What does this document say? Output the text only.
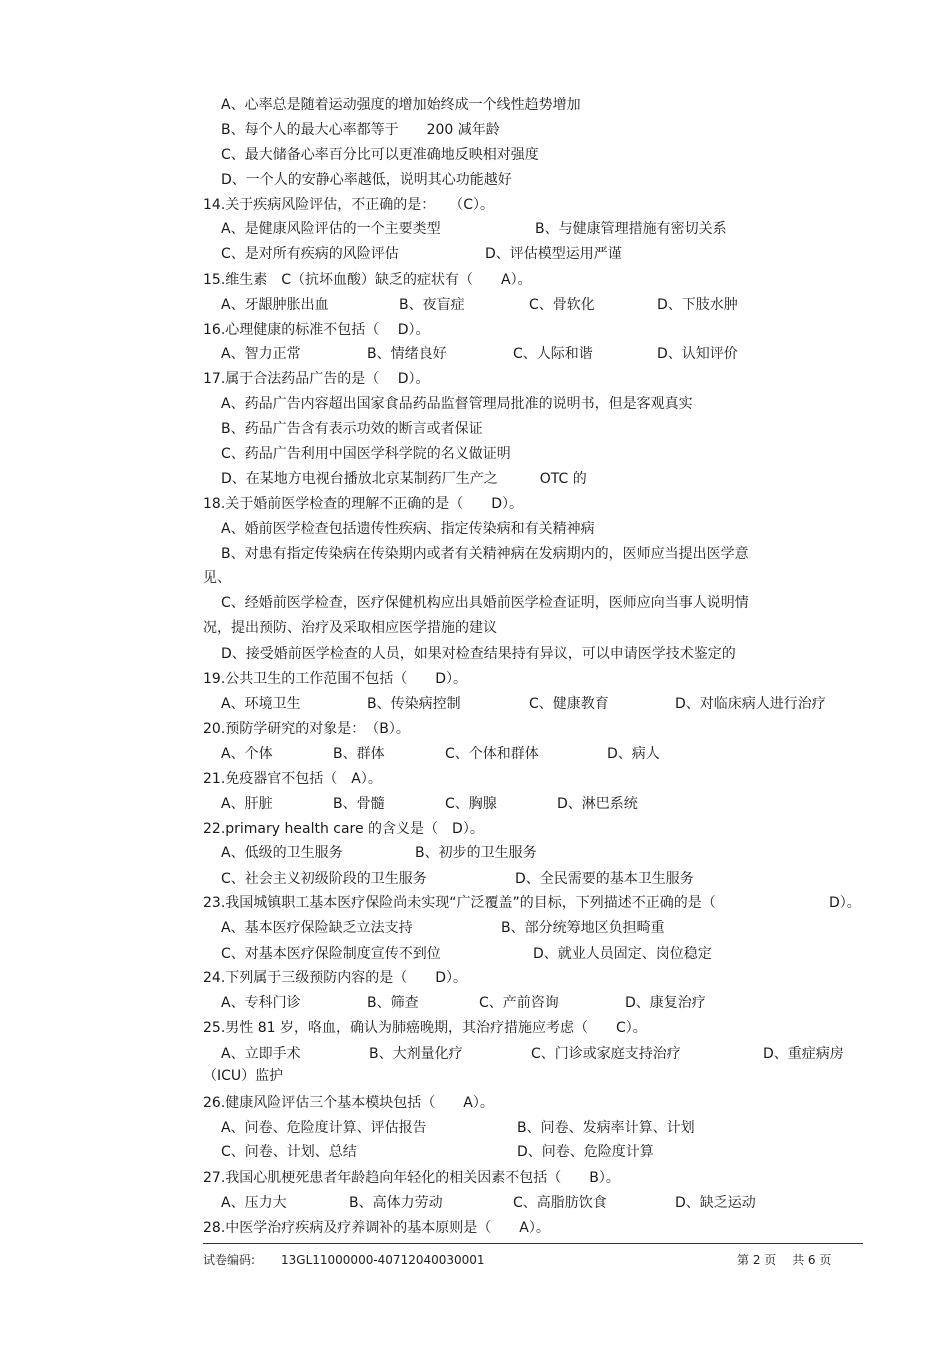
A、心率总是随着运动强度的增加始终成一个线性趋势增加
B、每个人的最大心率都等于　　200 减年龄
C、最大储备心率百分比可以更准确地反映相对强度
D、一个人的安静心率越低，说明其心功能越好
14.关于疾病风险评估，不正确的是：　　（C）。
A、是健康风险评估的一个主要类型	B、与健康管理措施有密切关系
C、是对所有疾病的风险评估	D、评估模型运用严谨
15.维生素　C（抗坏血酸）缺乏的症状有（　　A）。
A、牙龈肿胀出血	B、夜盲症	C、骨软化	D、下肢水肿
16.心理健康的标准不包括（　 D）。
A、智力正常	B、情绪良好	C、人际和谐	D、认知评价
17.属于合法药品广告的是（　 D）。
A、药品广告内容超出国家食品药品监督管理局批准的说明书，但是客观真实
B、药品广告含有表示功效的断言或者保证
C、药品广告利用中国医学科学院的名义做证明
D、在某地方电视台播放北京某制药厂生产之　　　OTC 的
18.关于婚前医学检查的理解不正确的是（　　D）。
A、婚前医学检查包括遗传性疾病、指定传染病和有关精神病
B、对患有指定传染病在传染期内或者有关精神病在发病期内的，医师应当提出医学意
见、
C、经婚前医学检查，医疗保健机构应出具婚前医学检查证明，医师应向当事人说明情
况，提出预防、治疗及采取相应医学措施的建议
D、接受婚前医学检查的人员，如果对检查结果持有异议，可以申请医学技术鉴定的
19.公共卫生的工作范围不包括（　　D）。
A、环境卫生	B、传染病控制	C、健康教育	D、对临床病人进行治疗
20.预防学研究的对象是：　（B）。
A、个体	B、群体	C、个体和群体	D、病人
21.免疫器官不包括（　A）。
A、肝脏	B、骨髓	C、胸腺	D、淋巴系统
22.primary health care 的含义是（　D）。
A、低级的卫生服务	B、初步的卫生服务
C、社会主义初级阶段的卫生服务	D、全民需要的基本卫生服务
23.我国城镇职工基本医疗保险尚未实现“广泛覆盖”的目标，下列描述不正确的是（	D）。
A、基本医疗保险缺乏立法支持	B、部分统筹地区负担畸重
C、对基本医疗保险制度宣传不到位	D、就业人员固定、岗位稳定
24.下列属于三级预防内容的是（　　D）。
A、专科门诊	B、筛查	C、产前咨询	D、康复治疗
25.男性 81 岁，咯血，确认为肺癌晚期，其治疗措施应考虑（　　C）。
A、立即手术	B、大剂量化疗	C、门诊或家庭支持治疗	D、重症病房
（ICU）监护
26.健康风险评估三个基本模块包括（　　A）。
A、问卷、危险度计算、评估报告	B、问卷、发病率计算、计划
C、问卷、计划、总结	D、问卷、危险度计算
27.我国心肌梗死患者年龄趋向年轻化的相关因素不包括（　　B）。
A、压力大	B、高体力劳动	C、高脂肪饮食	D、缺乏运动
28.中医学治疗疾病及疗养调补的基本原则是（　　A）。
试卷编码: 13GL11000000-40712040030001	第 2 页　 共 6 页
